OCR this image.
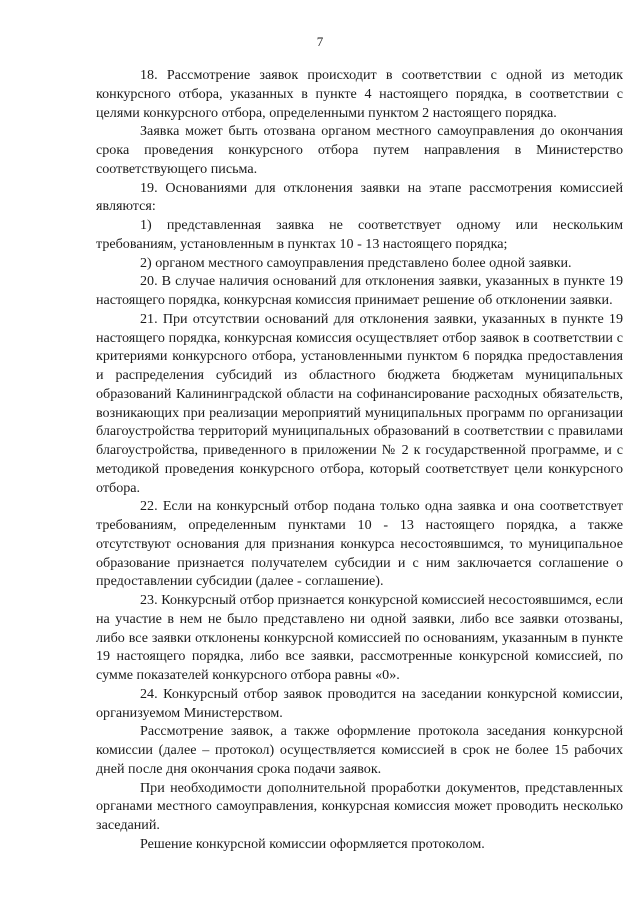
7

18. Рассмотрение заявок происходит в соответствии с одной из методик конкурсного отбора, указанных в пункте 4 настоящего порядка, в соответствии с целями конкурсного отбора, определенными пунктом 2 настоящего порядка.

Заявка может быть отозвана органом местного самоуправления до окончания срока проведения конкурсного отбора путем направления в Министерство соответствующего письма.

19. Основаниями для отклонения заявки на этапе рассмотрения комиссией являются:

1) представленная заявка не соответствует одному или нескольким требованиям, установленным в пунктах 10 - 13 настоящего порядка;

2) органом местного самоуправления представлено более одной заявки.

20. В случае наличия оснований для отклонения заявки, указанных в пункте 19 настоящего порядка, конкурсная комиссия принимает решение об отклонении заявки.

21. При отсутствии оснований для отклонения заявки, указанных в пункте 19 настоящего порядка, конкурсная комиссия осуществляет отбор заявок в соответствии с критериями конкурсного отбора, установленными пунктом 6 порядка предоставления и распределения субсидий из областного бюджета бюджетам муниципальных образований Калининградской области на софинансирование расходных обязательств, возникающих при реализации мероприятий муниципальных программ по организации благоустройства территорий муниципальных образований в соответствии с правилами благоустройства, приведенного в приложении № 2 к государственной программе, и с методикой проведения конкурсного отбора, который соответствует цели конкурсного отбора.

22. Если на конкурсный отбор подана только одна заявка и она соответствует требованиям, определенным пунктами 10 - 13 настоящего порядка, а также отсутствуют основания для признания конкурса несостоявшимся, то муниципальное образование признается получателем субсидии и с ним заключается соглашение о предоставлении субсидии (далее - соглашение).

23. Конкурсный отбор признается конкурсной комиссией несостоявшимся, если на участие в нем не было представлено ни одной заявки, либо все заявки отозваны, либо все заявки отклонены конкурсной комиссией по основаниям, указанным в пункте 19 настоящего порядка, либо все заявки, рассмотренные конкурсной комиссией, по сумме показателей конкурсного отбора равны «0».

24. Конкурсный отбор заявок проводится на заседании конкурсной комиссии, организуемом Министерством.

Рассмотрение заявок, а также оформление протокола заседания конкурсной комиссии (далее – протокол) осуществляется комиссией в срок не более 15 рабочих дней после дня окончания срока подачи заявок.

При необходимости дополнительной проработки документов, представленных органами местного самоуправления, конкурсная комиссия может проводить несколько заседаний.

Решение конкурсной комиссии оформляется протоколом.
